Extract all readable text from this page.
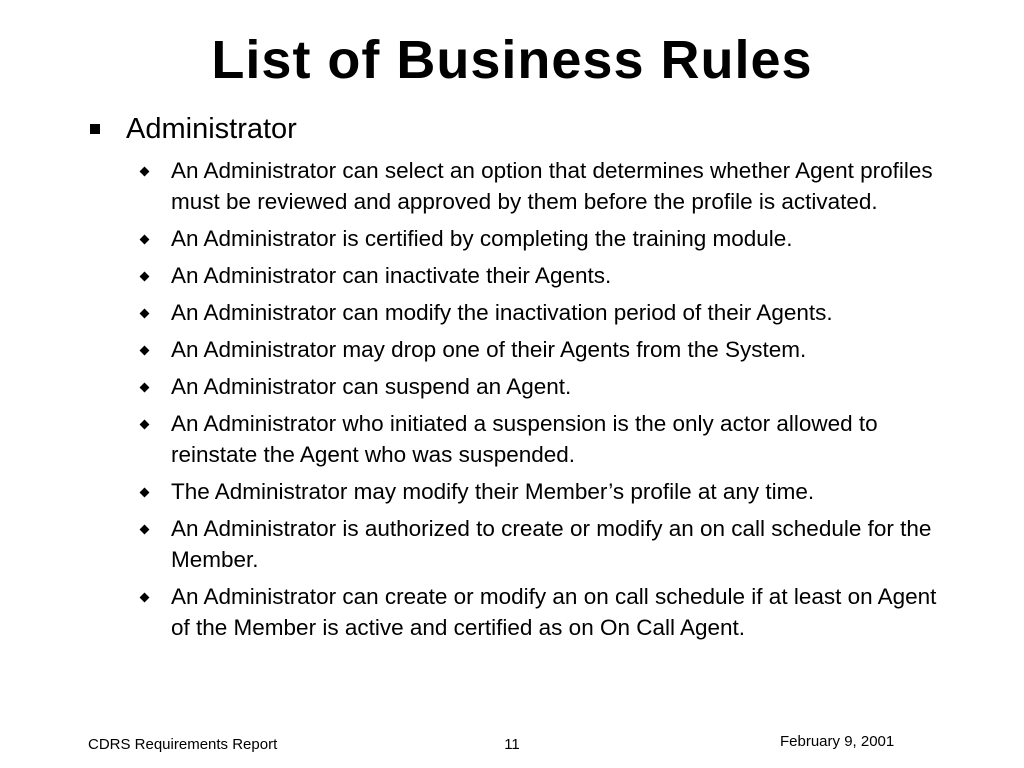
List of Business Rules
Administrator
An Administrator can select an option that determines whether Agent profiles must be reviewed and approved by them before the profile is activated.
An Administrator is certified by completing the training module.
An Administrator can inactivate their Agents.
An Administrator can modify the inactivation period of their Agents.
An Administrator may drop one of their Agents from the System.
An Administrator can suspend an Agent.
An Administrator who initiated a suspension is the only actor allowed to reinstate the Agent who was suspended.
The Administrator may modify their Member’s profile at any time.
An Administrator is authorized to create or modify an on call schedule for the Member.
An Administrator can create or modify an on call schedule if at least on Agent of the Member is active and certified as on On Call Agent.
CDRS Requirements Report	11	February 9, 2001
